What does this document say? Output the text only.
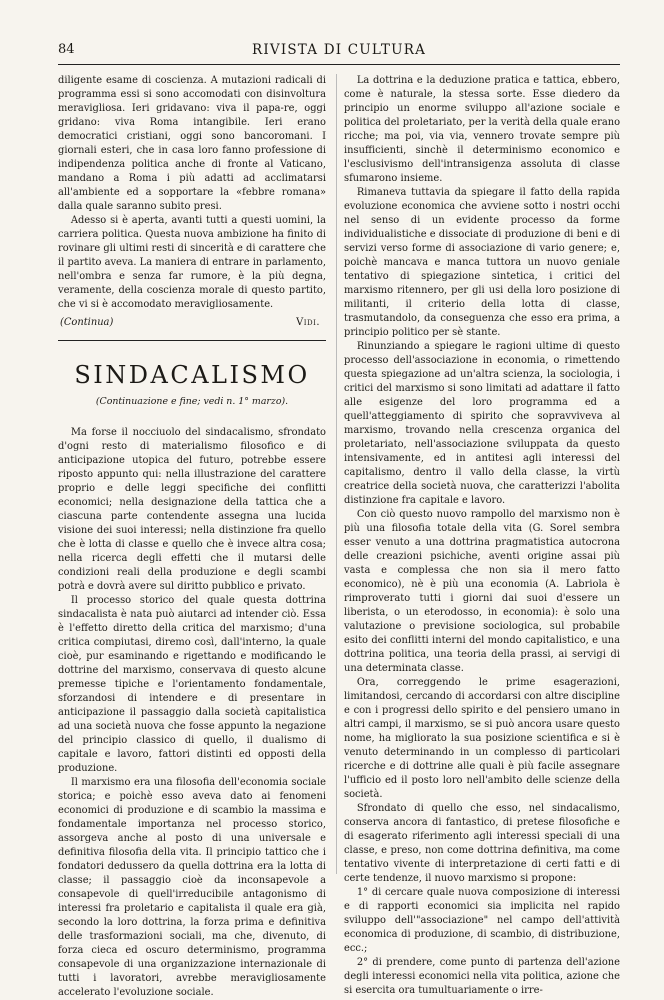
84	RIVISTA DI CULTURA

diligente esame di coscienza. A mutazioni radicali di programma essi si sono accomodati con disinvoltura meravigliosa. Ieri gridavano: viva il papa-re, oggi gridano: viva Roma intangibile. Ieri erano democratici cristiani, oggi sono bancoromani. I giornali esteri, che in casa loro fanno professione di indipendenza politica anche di fronte al Vaticano, mandano a Roma i più adatti ad acclimatarsi all'ambiente ed a sopportare la «febbre romana» dalla quale saranno subito presi.

Adesso si è aperta, avanti tutti a questi uomini, la carriera politica. Questa nuova ambizione ha finito di rovinare gli ultimi resti di sincerità e di carattere che il partito aveva. La maniera di entrare in parlamento, nell'ombra e senza far rumore, è la più degna, veramente, della coscienza morale di questo partito, che vi si è accomodato meravigliosamente.

(Continua)	Vidi.
SINDACALISMO
(Continuazione e fine; vedi n. 1° marzo).

Ma forse il nocciuolo del sindacalismo, sfrondato d'ogni resto di materialismo filosofico e di anticipazione utopica del futuro, potrebbe essere riposto appunto qui: nella illustrazione del carattere proprio e delle leggi specifiche dei conflitti economici; nella designazione della tattica che a ciascuna parte contendente assegna una lucida visione dei suoi interessi; nella distinzione fra quello che è lotta di classe e quello che è invece altra cosa; nella ricerca degli effetti che il mutarsi delle condizioni reali della produzione e degli scambi potrà e dovrà avere sul diritto pubblico e privato.

Il processo storico del quale questa dottrina sindacalista è nata può aiutarci ad intender ciò. Essa è l'effetto diretto della critica del marxismo; d'una critica compiutasi, diremo così, dall'interno, la quale cioè, pur esaminando e rigettando e modificando le dottrine del marxismo, conservava di questo alcune premesse tipiche e l'orientamento fondamentale, sforzandosi di intendere e di presentare in anticipazione il passaggio dalla società capitalistica ad una società nuova che fosse appunto la negazione del principio classico di quello, il dualismo di capitale e lavoro, fattori distinti ed opposti della produzione.

Il marxismo era una filosofia dell'economia sociale storica; e poichè esso aveva dato ai fenomeni economici di produzione e di scambio la massima e fondamentale importanza nel processo storico, assorgeva anche al posto di una universale e definitiva filosofia della vita. Il principio tattico che i fondatori dedussero da quella dottrina era la lotta di classe; il passaggio cioè da inconsapevole a consapevole di quell'irreducibile antagonismo di interessi fra proletario e capitalista il quale era già, secondo la loro dottrina, la forza prima e definitiva delle trasformazioni sociali, ma che, divenuto, di forza cieca ed oscuro determinismo, programma consapevole di una organizzazione internazionale di tutti i lavoratori, avrebbe meravigliosamente accelerato l'evoluzione sociale.

La dottrina e la deduzione pratica e tattica, ebbero, come è naturale, la stessa sorte. Esse diedero da principio un enorme sviluppo all'azione sociale e politica del proletariato, per la verità della quale erano ricche; ma poi, via via, vennero trovate sempre più insufficienti, sinchè il determinismo economico e l'esclusivismo dell'intransigenza assoluta di classe sfumarono insieme.

Rimaneva tuttavia da spiegare il fatto della rapida evoluzione economica che avviene sotto i nostri occhi nel senso di un evidente processo da forme individualistiche e dissociate di produzione di beni e di servizi verso forme di associazione di vario genere; e, poichè mancava e manca tuttora un nuovo geniale tentativo di spiegazione sintetica, i critici del marxismo ritennero, per gli usi della loro posizione di militanti, il criterio della lotta di classe, trasmutandolo, da conseguenza che esso era prima, a principio politico per sè stante.

Rinunziando a spiegare le ragioni ultime di questo processo dell'associazione in economia, o rimettendo questa spiegazione ad un'altra scienza, la sociologia, i critici del marxismo si sono limitati ad adattare il fatto alle esigenze del loro programma ed a quell'atteggiamento di spirito che sopravviveva al marxismo, trovando nella crescenza organica del proletariato, nell'associazione sviluppata da questo intensivamente, ed in antitesi agli interessi del capitalismo, dentro il vallo della classe, la virtù creatrice della società nuova, che caratterizzi l'abolita distinzione fra capitale e lavoro.

Con ciò questo nuovo rampollo del marxismo non è più una filosofia totale della vita (G. Sorel sembra esser venuto a una dottrina pragmatistica autocrona delle creazioni psichiche, aventi origine assai più vasta e complessa che non sia il mero fatto economico), nè è più una economia (A. Labriola è rimproverato tutti i giorni dai suoi d'essere un liberista, o un eterodosso, in economia): è solo una valutazione o previsione sociologica, sul probabile esito dei conflitti interni del mondo capitalistico, e una dottrina politica, una teoria della prassi, ai servigi di una determinata classe.

Ora, correggendo le prime esagerazioni, limitandosi, cercando di accordarsi con altre discipline e con i progressi dello spirito e del pensiero umano in altri campi, il marxismo, se si può ancora usare questo nome, ha migliorato la sua posizione scientifica e si è venuto determinando in un complesso di particolari ricerche e di dottrine alle quali è più facile assegnare l'ufficio ed il posto loro nell'ambito delle scienze della società.

Sfrondato di quello che esso, nel sindacalismo, conserva ancora di fantastico, di pretese filosofiche e di esagerato riferimento agli interessi speciali di una classe, e preso, non come dottrina definitiva, ma come tentativo vivente di interpretazione di certi fatti e di certe tendenze, il nuovo marxismo si propone:

1° di cercare quale nuova composizione di interessi e di rapporti economici sia implicita nel rapido sviluppo dell'"associazione" nel campo dell'attività economica di produzione, di scambio, di distribuzione, ecc.;

2° di prendere, come punto di partenza dell'azione degli interessi economici nella vita politica, azione che si esercita ora tumultuariamente o irre-
